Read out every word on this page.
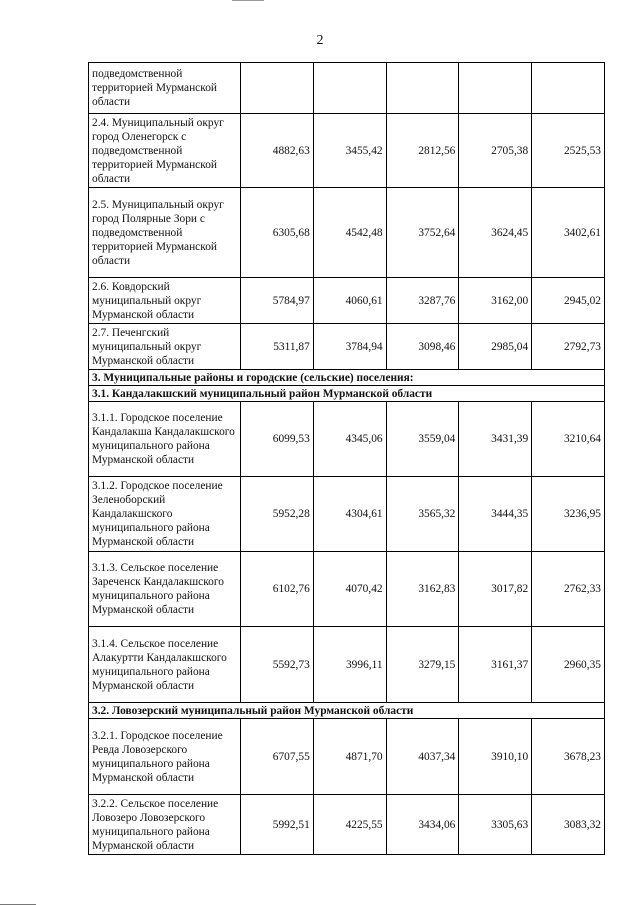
2
подведомственной территорией Мурманской области					
2.4. Муниципальный округ город Оленегорск с подведомственной территорией Мурманской области	4882,63	3455,42	2812,56	2705,38	2525,53
2.5. Муниципальный округ город Полярные Зори с подведомственной территорией Мурманской области	6305,68	4542,48	3752,64	3624,45	3402,61
2.6. Ковдорский муниципальный округ Мурманской области	5784,97	4060,61	3287,76	3162,00	2945,02
2.7. Печенгский муниципальный округ Мурманской области	5311,87	3784,94	3098,46	2985,04	2792,73
3. Муниципальные районы и городские (сельские) поселения:					
3.1. Кандалакшский муниципальный район Мурманской области					
3.1.1. Городское поселение Кандалакша Кандалакшского муниципального района Мурманской области	6099,53	4345,06	3559,04	3431,39	3210,64
3.1.2. Городское поселение Зеленоборский Кандалакшского муниципального района Мурманской области	5952,28	4304,61	3565,32	3444,35	3236,95
3.1.3. Сельское поселение Зареченск Кандалакшского муниципального района Мурманской области	6102,76	4070,42	3162,83	3017,82	2762,33
3.1.4. Сельское поселение Алакуртти Кандалакшского муниципального района Мурманской области	5592,73	3996,11	3279,15	3161,37	2960,35
3.2. Ловозерский муниципальный район Мурманской области					
3.2.1. Городское поселение Ревда Ловозерского муниципального района Мурманской области	6707,55	4871,70	4037,34	3910,10	3678,23
3.2.2. Сельское поселение Ловозеро Ловозерского муниципального района Мурманской области	5992,51	4225,55	3434,06	3305,63	3083,32
